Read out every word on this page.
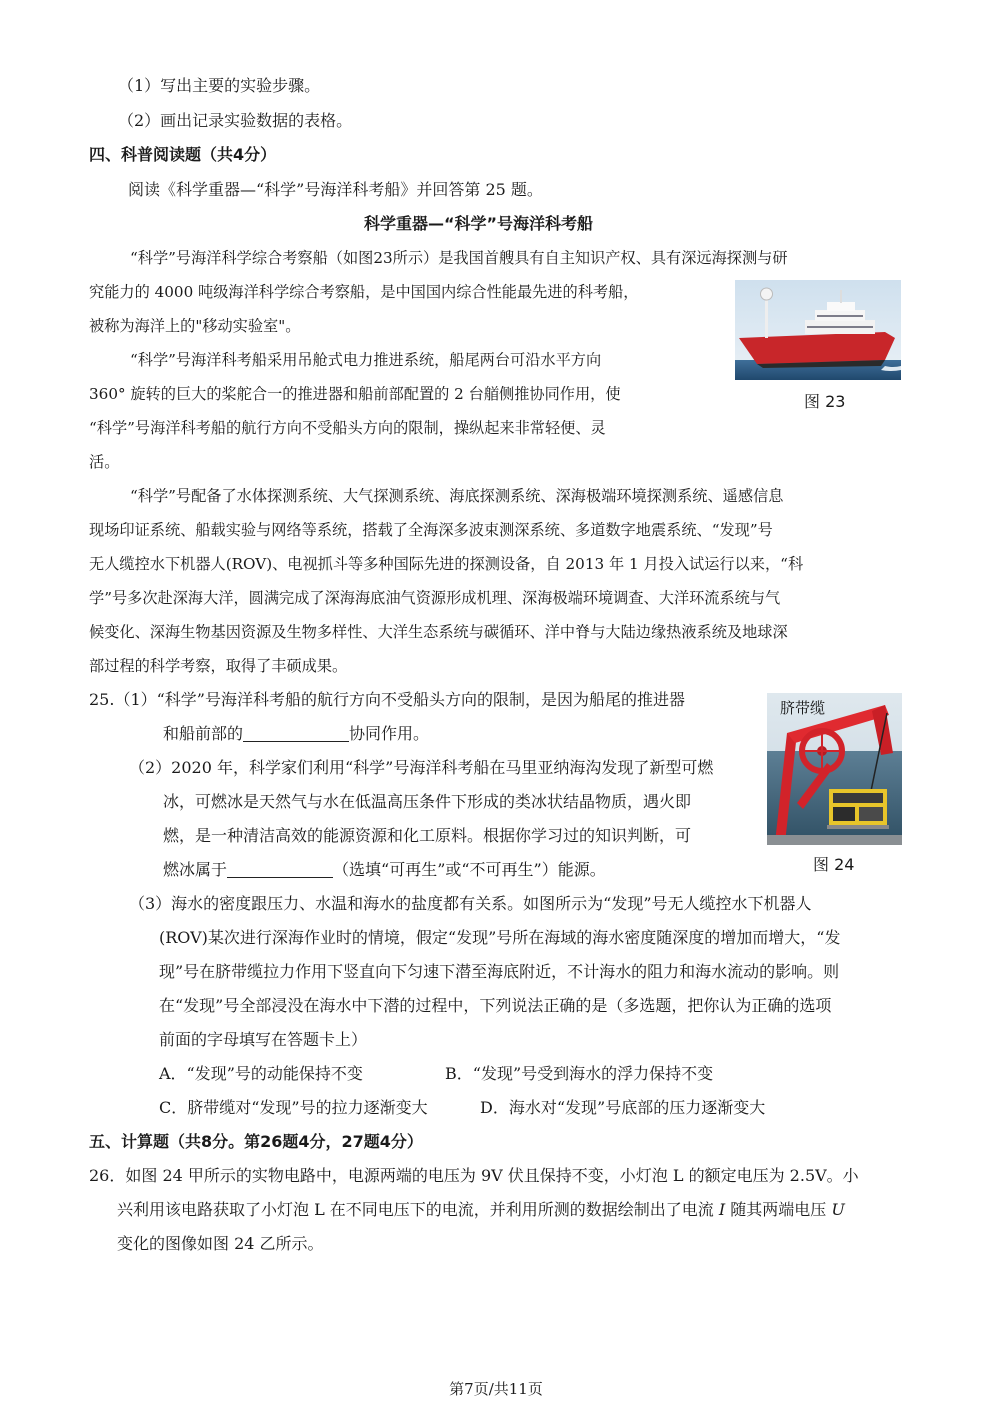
（1）写出主要的实验步骤。
（2）画出记录实验数据的表格。
四、科普阅读题（共4分）
阅读《科学重器—“科学”号海洋科考船》并回答第 25 题。
科学重器—“科学”号海洋科考船
“科学”号海洋科学综合考察船（如图23所示）是我国首艘具有自主知识产权、具有深远海探测与研
究能力的 4000 吨级海洋科学综合考察船，是中国国内综合性能最先进的科考船，
被称为海洋上的"移动实验室"。
“科学”号海洋科考船采用吊舱式电力推进系统，船尾两台可沿水平方向
360° 旋转的巨大的桨舵合一的推进器和船前部配置的 2 台艏侧推协同作用，使
“科学”号海洋科考船的航行方向不受船头方向的限制，操纵起来非常轻便、灵
活。
图 23
“科学”号配备了水体探测系统、大气探测系统、海底探测系统、深海极端环境探测系统、遥感信息
现场印证系统、船载实验与网络等系统，搭载了全海深多波束测深系统、多道数字地震系统、“发现”号
无人缆控水下机器人(ROV)、电视抓斗等多种国际先进的探测设备，自 2013 年 1 月投入试运行以来，“科
学”号多次赴深海大洋，圆满完成了深海海底油气资源形成机理、深海极端环境调查、大洋环流系统与气
候变化、深海生物基因资源及生物多样性、大洋生态系统与碳循环、洋中脊与大陆边缘热液系统及地球深
部过程的科学考察，取得了丰硕成果。
25.（1）“科学”号海洋科考船的航行方向不受船头方向的限制，是因为船尾的推进器
和船前部的	协同作用。
（2）2020 年，科学家们利用“科学”号海洋科考船在马里亚纳海沟发现了新型可燃
冰，可燃冰是天然气与水在低温高压条件下形成的类冰状结晶物质，遇火即
燃，是一种清洁高效的能源资源和化工原料。根据你学习过的知识判断，可
燃冰属于	（选填“可再生”或“不可再生”）能源。
脐带缆
图 24
（3）海水的密度跟压力、水温和海水的盐度都有关系。如图所示为“发现”号无人缆控水下机器人
(ROV)某次进行深海作业时的情境，假定“发现”号所在海域的海水密度随深度的增加而增大，“发
现”号在脐带缆拉力作用下竖直向下匀速下潜至海底附近，不计海水的阻力和海水流动的影响。则
在“发现”号全部浸没在海水中下潜的过程中，下列说法正确的是（多选题，把你认为正确的选项
前面的字母填写在答题卡上）
A．“发现”号的动能保持不变	B．“发现”号受到海水的浮力保持不变
C．脐带缆对“发现”号的拉力逐渐变大	D．海水对“发现”号底部的压力逐渐变大
五、计算题（共8分。第26题4分，27题4分）
26．如图 24 甲所示的实物电路中，电源两端的电压为 9V 伏且保持不变，小灯泡 L 的额定电压为 2.5V。小
兴利用该电路获取了小灯泡 L 在不同电压下的电流，并利用所测的数据绘制出了电流 I 随其两端电压 U
变化的图像如图 24 乙所示。
第7页/共11页
